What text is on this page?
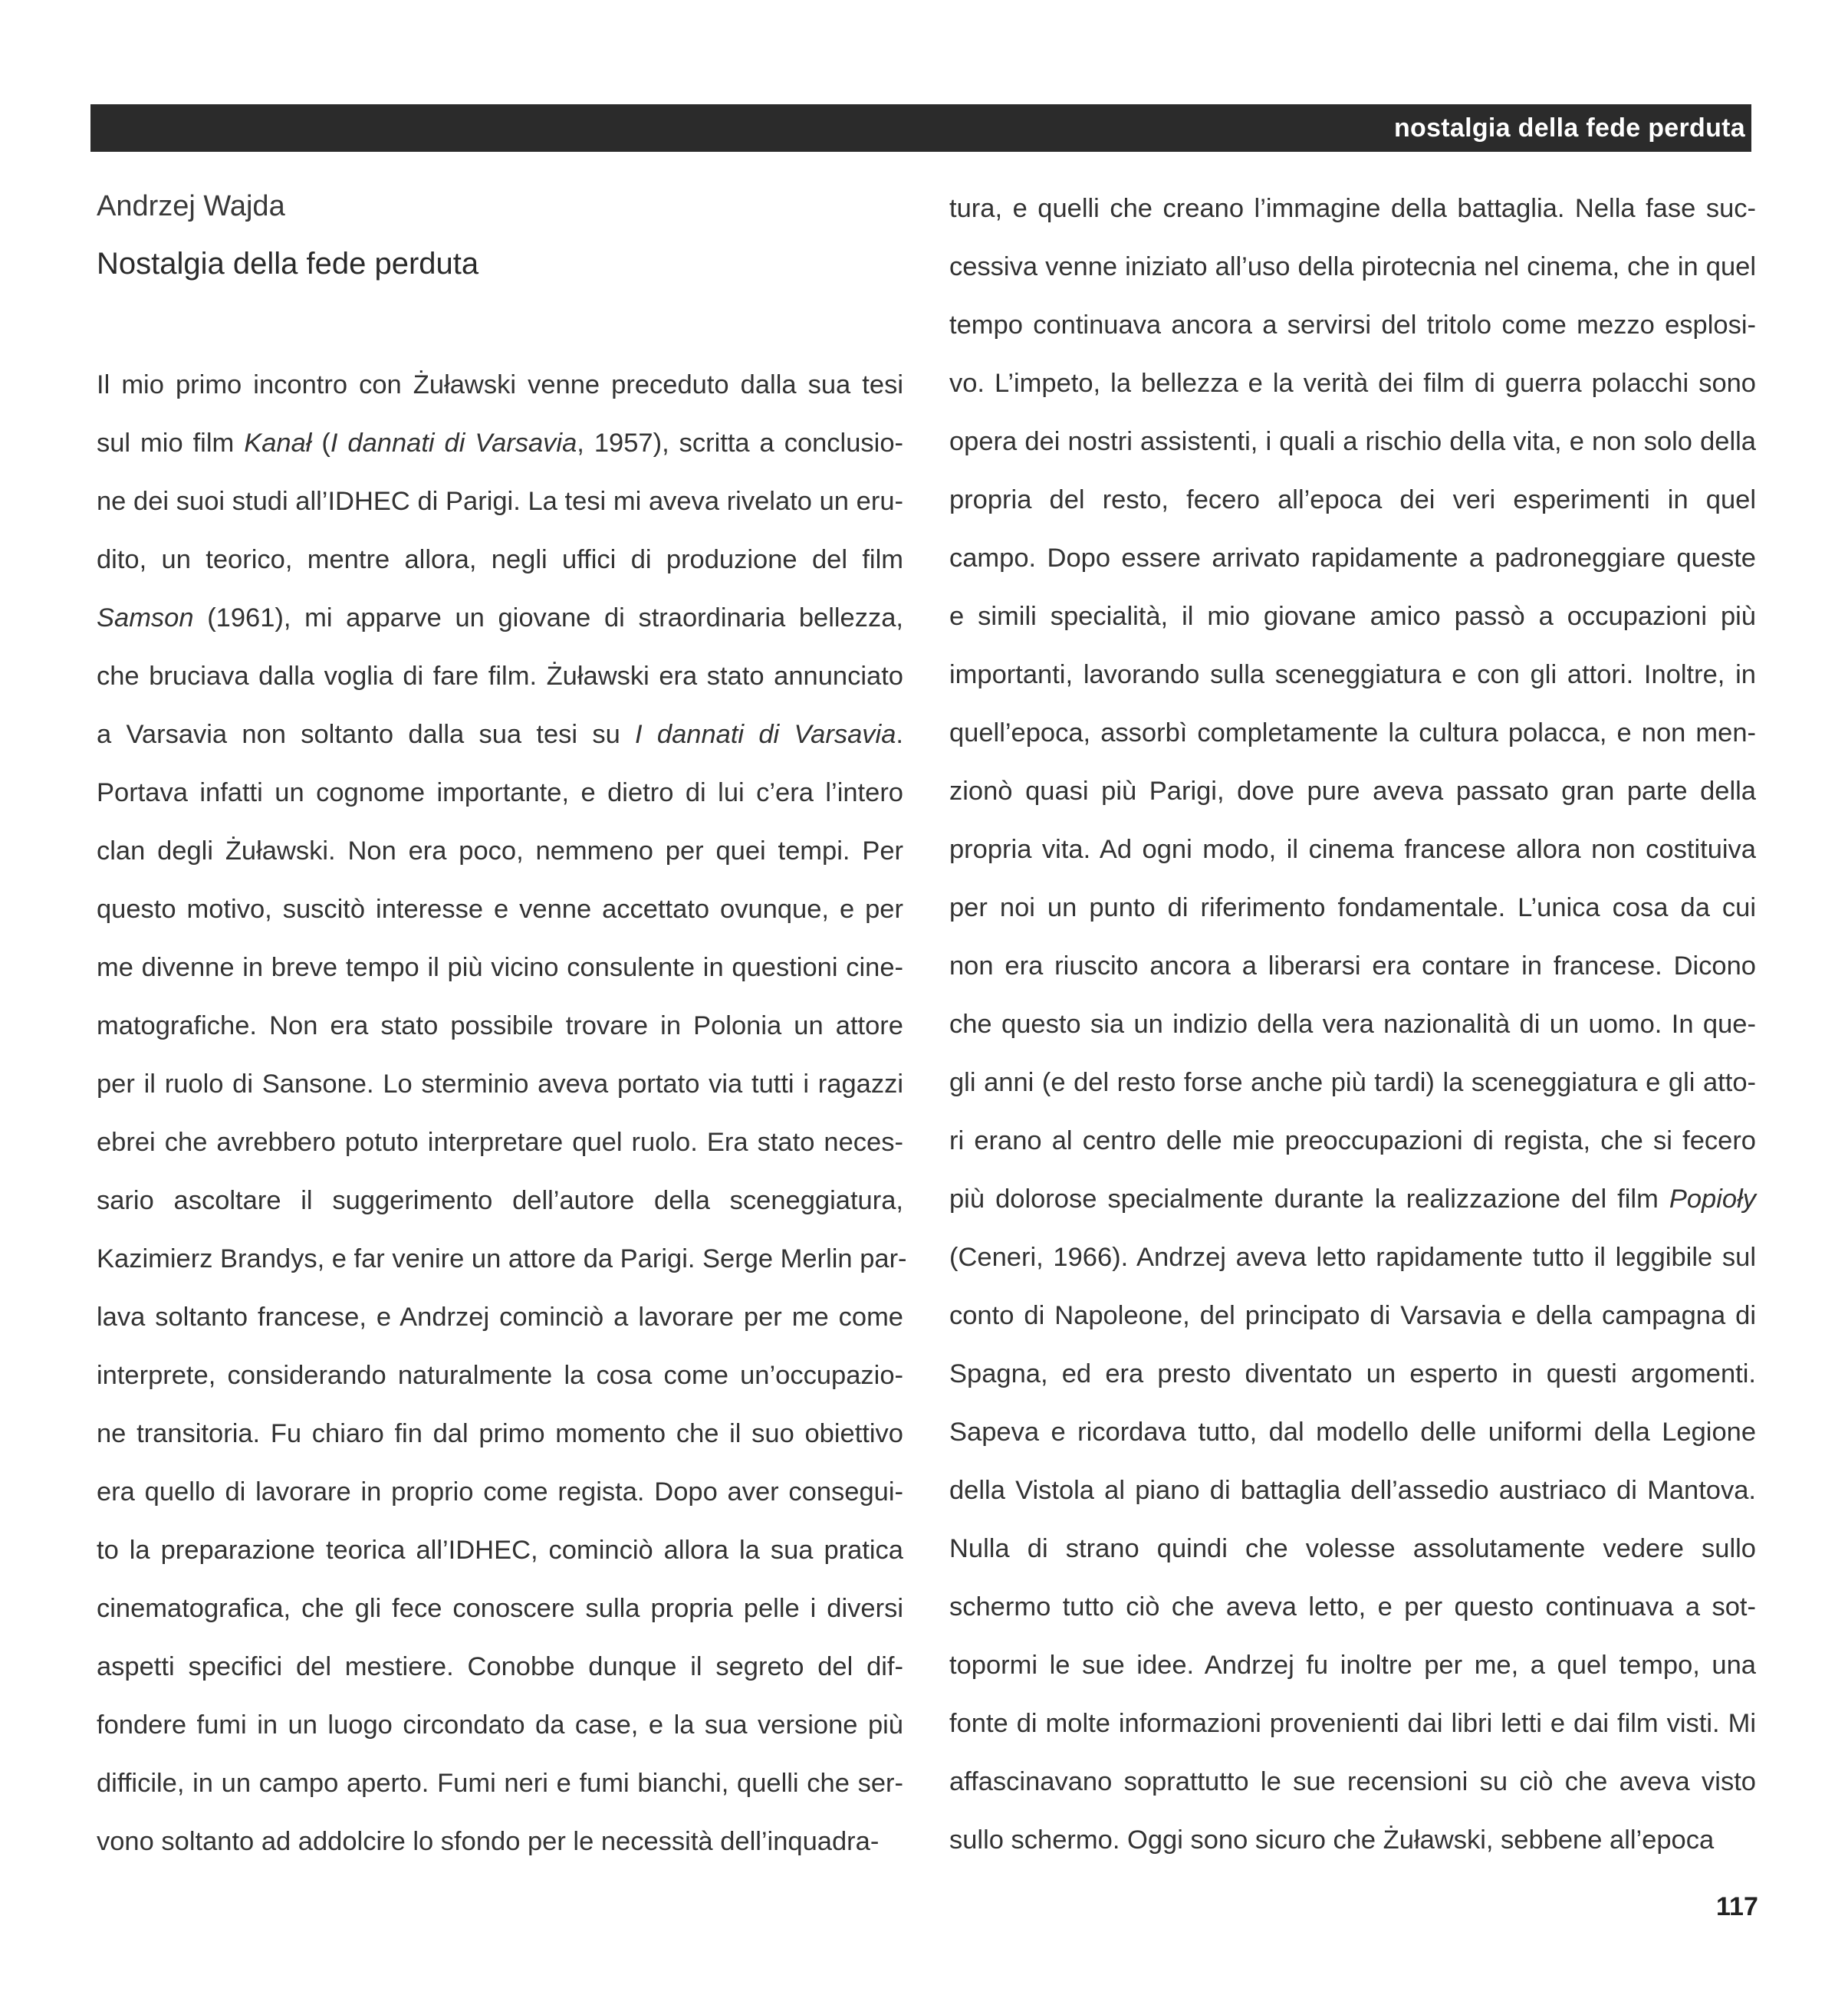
nostalgia della fede perduta
Andrzej Wajda
Nostalgia della fede perduta
Il mio primo incontro con Żuławski venne preceduto dalla sua tesi
sul mio film Kanał (I dannati di Varsavia, 1957), scritta a conclusio-
ne dei suoi studi all’IDHEC di Parigi. La tesi mi aveva rivelato un eru-
dito, un teorico, mentre allora, negli uffici di produzione del film
Samson (1961), mi apparve un giovane di straordinaria bellezza,
che bruciava dalla voglia di fare film. Żuławski era stato annunciato
a Varsavia non soltanto dalla sua tesi su I dannati di Varsavia.
Portava infatti un cognome importante, e dietro di lui c’era l’intero
clan degli Żuławski. Non era poco, nemmeno per quei tempi. Per
questo motivo, suscitò interesse e venne accettato ovunque, e per
me divenne in breve tempo il più vicino consulente in questioni cine-
matografiche. Non era stato possibile trovare in Polonia un attore
per il ruolo di Sansone. Lo sterminio aveva portato via tutti i ragazzi
ebrei che avrebbero potuto interpretare quel ruolo. Era stato neces-
sario ascoltare il suggerimento dell’autore della sceneggiatura,
Kazimierz Brandys, e far venire un attore da Parigi. Serge Merlin par-
lava soltanto francese, e Andrzej cominciò a lavorare per me come
interprete, considerando naturalmente la cosa come un’occupazio-
ne transitoria. Fu chiaro fin dal primo momento che il suo obiettivo
era quello di lavorare in proprio come regista. Dopo aver consegui-
to la preparazione teorica all’IDHEC, cominciò allora la sua pratica
cinematografica, che gli fece conoscere sulla propria pelle i diversi
aspetti specifici del mestiere. Conobbe dunque il segreto del dif-
fondere fumi in un luogo circondato da case, e la sua versione più
difficile, in un campo aperto. Fumi neri e fumi bianchi, quelli che ser-
vono soltanto ad addolcire lo sfondo per le necessità dell’inquadra-
tura, e quelli che creano l’immagine della battaglia. Nella fase suc-
cessiva venne iniziato all’uso della pirotecnia nel cinema, che in quel
tempo continuava ancora a servirsi del tritolo come mezzo esplosi-
vo. L’impeto, la bellezza e la verità dei film di guerra polacchi sono
opera dei nostri assistenti, i quali a rischio della vita, e non solo della
propria del resto, fecero all’epoca dei veri esperimenti in quel
campo. Dopo essere arrivato rapidamente a padroneggiare queste
e simili specialità, il mio giovane amico passò a occupazioni più
importanti, lavorando sulla sceneggiatura e con gli attori. Inoltre, in
quell’epoca, assorbì completamente la cultura polacca, e non men-
zionò quasi più Parigi, dove pure aveva passato gran parte della
propria vita. Ad ogni modo, il cinema francese allora non costituiva
per noi un punto di riferimento fondamentale. L’unica cosa da cui
non era riuscito ancora a liberarsi era contare in francese. Dicono
che questo sia un indizio della vera nazionalità di un uomo. In que-
gli anni (e del resto forse anche più tardi) la sceneggiatura e gli atto-
ri erano al centro delle mie preoccupazioni di regista, che si fecero
più dolorose specialmente durante la realizzazione del film Popioły
(Ceneri, 1966). Andrzej aveva letto rapidamente tutto il leggibile sul
conto di Napoleone, del principato di Varsavia e della campagna di
Spagna, ed era presto diventato un esperto in questi argomenti.
Sapeva e ricordava tutto, dal modello delle uniformi della Legione
della Vistola al piano di battaglia dell’assedio austriaco di Mantova.
Nulla di strano quindi che volesse assolutamente vedere sullo
schermo tutto ciò che aveva letto, e per questo continuava a sot-
topormi le sue idee. Andrzej fu inoltre per me, a quel tempo, una
fonte di molte informazioni provenienti dai libri letti e dai film visti. Mi
affascinavano soprattutto le sue recensioni su ciò che aveva visto
sullo schermo. Oggi sono sicuro che Żuławski, sebbene all’epoca
117
